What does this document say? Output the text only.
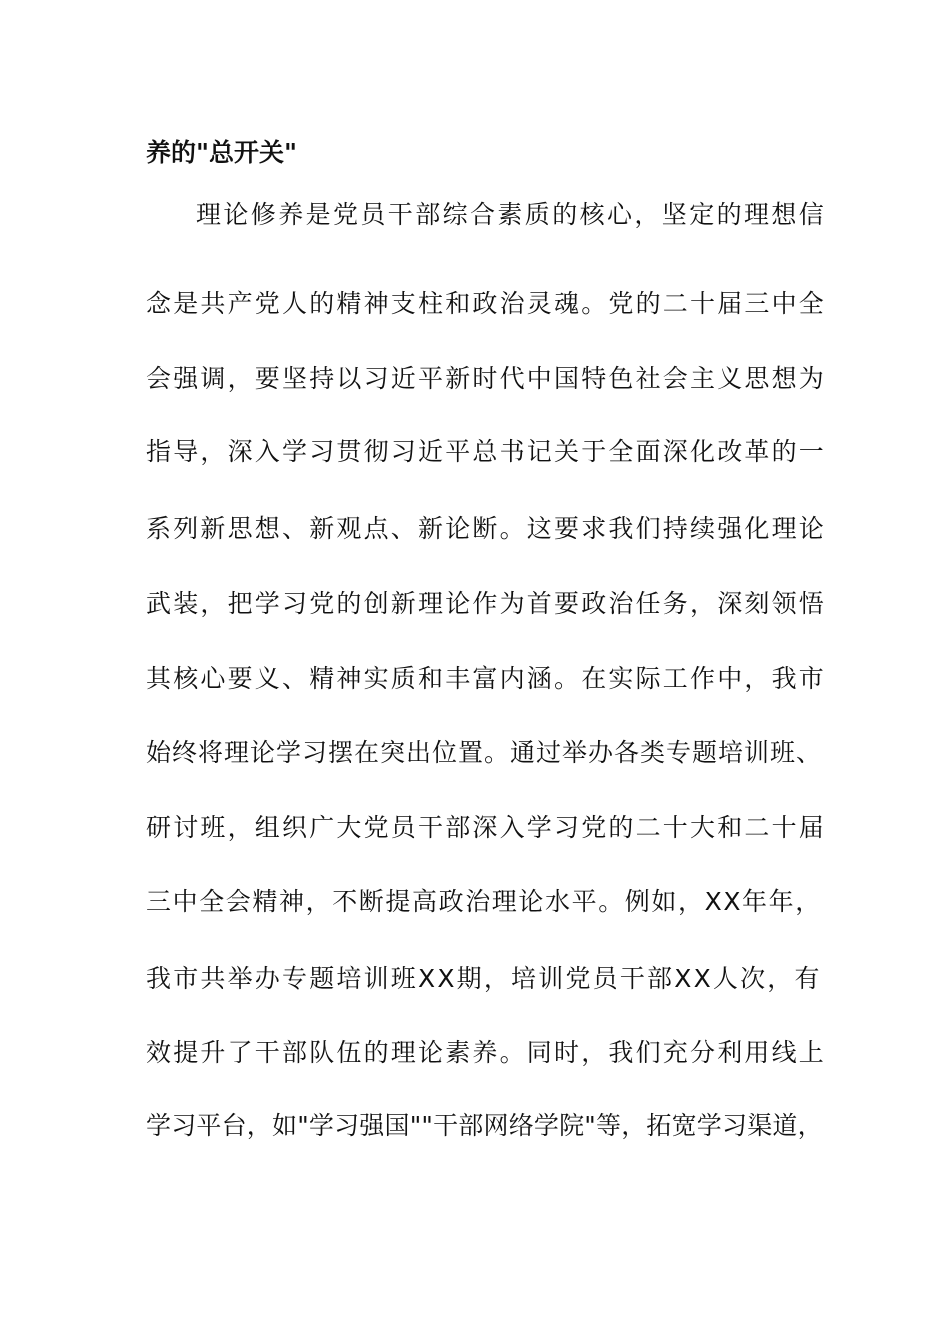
养的"总开关"
理论修养是党员干部综合素质的核心，坚定的理想信
念是共产党人的精神支柱和政治灵魂。党的二十届三中全
会强调，要坚持以习近平新时代中国特色社会主义思想为
指导，深入学习贯彻习近平总书记关于全面深化改革的一
系列新思想、新观点、新论断。这要求我们持续强化理论
武装，把学习党的创新理论作为首要政治任务，深刻领悟
其核心要义、精神实质和丰富内涵。在实际工作中，我市
始终将理论学习摆在突出位置。通过举办各类专题培训班、
研讨班，组织广大党员干部深入学习党的二十大和二十届
三中全会精神，不断提高政治理论水平。例如，XX年年，
我市共举办专题培训班XX期，培训党员干部XX人次，有
效提升了干部队伍的理论素养。同时，我们充分利用线上
学习平台，如"学习强国""干部网络学院"等，拓宽学习渠道，
